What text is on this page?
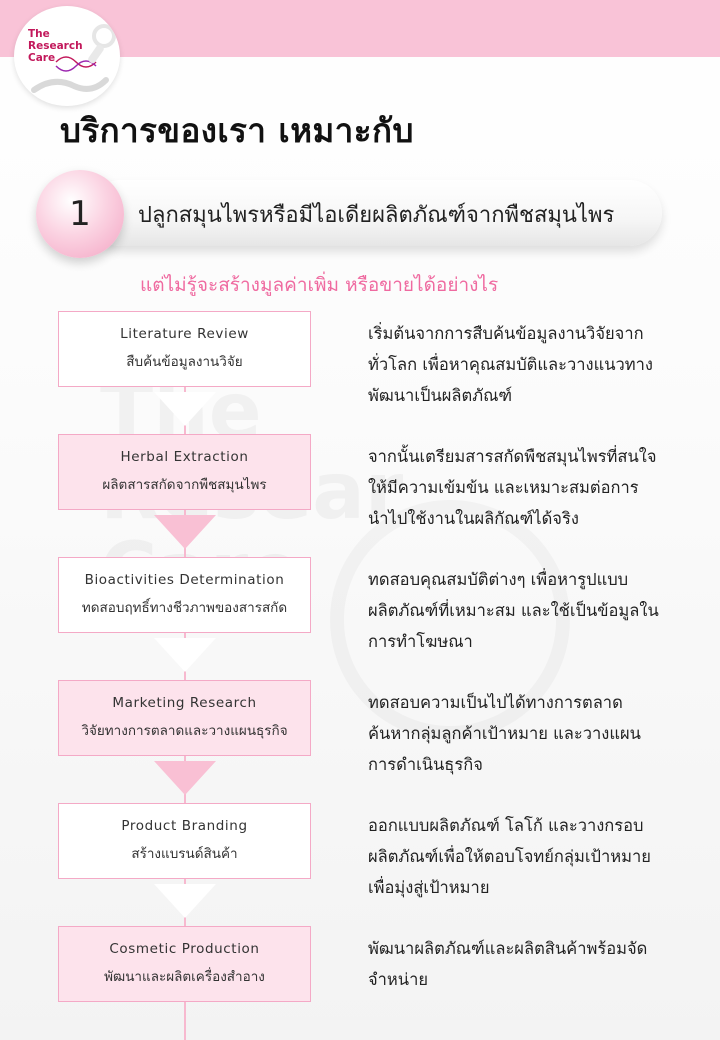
The
Research
Care
บริการของเรา เหมาะกับ
ปลูกสมุนไพรหรือมีไอเดียผลิตภัณฑ์จากพืชสมุนไพร
1
แต่ไม่รู้จะสร้างมูลค่าเพิ่ม หรือขายได้อย่างไร
Literature Review
สืบค้นข้อมูลงานวิจัย
เริ่มต้นจากการสืบค้นข้อมูลงานวิจัยจาก
ทั่วโลก เพื่อหาคุณสมบัติและวางแนวทาง
พัฒนาเป็นผลิตภัณฑ์
Herbal Extraction
ผลิตสารสกัดจากพืชสมุนไพร
จากนั้นเตรียมสารสกัดพืชสมุนไพรที่สนใจ
ให้มีความเข้มข้น และเหมาะสมต่อการ
นำไปใช้งานในผลิกัณฑ์ได้จริง
Bioactivities Determination
ทดสอบฤทธิ์ทางชีวภาพของสารสกัด
ทดสอบคุณสมบัติต่างๆ เพื่อหารูปแบบ
ผลิตภัณฑ์ที่เหมาะสม และใช้เป็นข้อมูลใน
การทำโฆษณา
Marketing Research
วิจัยทางการตลาดและวางแผนธุรกิจ
ทดสอบความเป็นไปได้ทางการตลาด
ค้นหากลุ่มลูกค้าเป้าหมาย และวางแผน
การดำเนินธุรกิจ
Product Branding
สร้างแบรนด์สินค้า
ออกแบบผลิตภัณฑ์ โลโก้ และวางกรอบ
ผลิตภัณฑ์เพื่อให้ตอบโจทย์กลุ่มเป้าหมาย
เพื่อมุ่งสู่เป้าหมาย
Cosmetic Production
พัฒนาและผลิตเครื่องสำอาง
พัฒนาผลิตภัณฑ์และผลิตสินค้าพร้อมจัด
จำหน่าย
